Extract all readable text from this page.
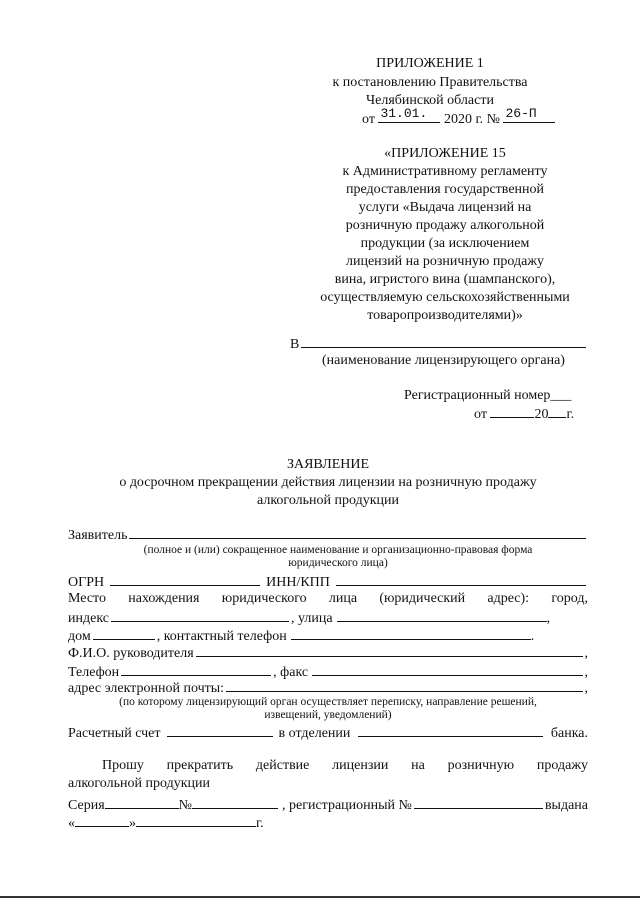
ПРИЛОЖЕНИЕ 1
к постановлению Правительства
Челябинской области
от 31.01. 2020 г. № 26-П
«ПРИЛОЖЕНИЕ 15
к Административному регламенту
предоставления государственной
услуги «Выдача лицензий на
розничную продажу алкогольной
продукции (за исключением
лицензий на розничную продажу
вина, игристого вина (шампанского),
осуществляемую сельскохозяйственными
товаропроизводителями)»
В
(наименование лицензирующего органа)
Регистрационный номер___
от	20 г.
ЗАЯВЛЕНИЕ
о досрочном прекращении действия лицензии на розничную продажу
алкогольной продукции
Заявитель
(полное и (или) сокращенное наименование и организационно-правовая форма
юридического лица)
ОГРН	ИНН/КПП
Место нахождения юридического лица (юридический адрес): город,
индекс	, улица	,
дом	, контактный телефон	.
Ф.И.О. руководителя	,
Телефон	, факс	,
адрес электронной почты:	,
(по которому лицензирующий орган осуществляет переписку, направление решений,
извещений, уведомлений)
Расчетный счет	в отделении	банка.
Прошу прекратить действие лицензии на розничную продажу
алкогольной продукции
Серия	№	, регистрационный №	выдана
«	»	г.
